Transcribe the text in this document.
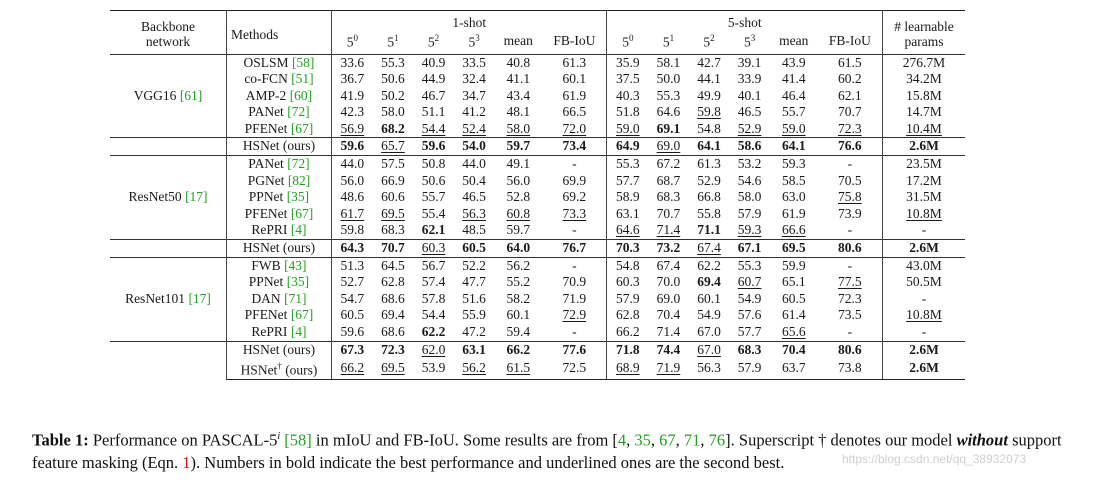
Backbone
network	Methods	1-shot						5-shot						# learnable
params
		$5^0$	$5^1$	$5^2$	$5^3$	mean	FB-IoU	$5^0$	$5^1$	$5^2$	$5^3$	mean	FB-IoU	
VGG16 [61]	OSLSM [58]	33.6	55.3	40.9	33.5	40.8	61.3	35.9	58.1	42.7	39.1	43.9	61.5	276.7M
	co-FCN [51]	36.7	50.6	44.9	32.4	41.1	60.1	37.5	50.0	44.1	33.9	41.4	60.2	34.2M
	AMP-2 [60]	41.9	50.2	46.7	34.7	43.4	61.9	40.3	55.3	49.9	40.1	46.4	62.1	15.8M
	PANet [72]	42.3	58.0	51.1	41.2	48.1	66.5	51.8	64.6	59.8	46.5	55.7	70.7	14.7M
	PFENet [67]	56.9	68.2	54.4	52.4	58.0	72.0	59.0	69.1	54.8	52.9	59.0	72.3	10.4M
	HSNet (ours)	59.6	65.7	59.6	54.0	59.7	73.4	64.9	69.0	64.1	58.6	64.1	76.6	2.6M
ResNet50 [17]	PANet [72]	44.0	57.5	50.8	44.0	49.1	-	55.3	67.2	61.3	53.2	59.3	-	23.5M
	PGNet [82]	56.0	66.9	50.6	50.4	56.0	69.9	57.7	68.7	52.9	54.6	58.5	70.5	17.2M
	PPNet [35]	48.6	60.6	55.7	46.5	52.8	69.2	58.9	68.3	66.8	58.0	63.0	75.8	31.5M
	PFENet [67]	61.7	69.5	55.4	56.3	60.8	73.3	63.1	70.7	55.8	57.9	61.9	73.9	10.8M
	RePRI [4]	59.8	68.3	62.1	48.5	59.7	-	64.6	71.4	71.1	59.3	66.6	-	-
	HSNet (ours)	64.3	70.7	60.3	60.5	64.0	76.7	70.3	73.2	67.4	67.1	69.5	80.6	2.6M
ResNet101 [17]	FWB [43]	51.3	64.5	56.7	52.2	56.2	-	54.8	67.4	62.2	55.3	59.9	-	43.0M
	PPNet [35]	52.7	62.8	57.4	47.7	55.2	70.9	60.3	70.0	69.4	60.7	65.1	77.5	50.5M
	DAN [71]	54.7	68.6	57.8	51.6	58.2	71.9	57.9	69.0	60.1	54.9	60.5	72.3	-
	PFENet [67]	60.5	69.4	54.4	55.9	60.1	72.9	62.8	70.4	54.9	57.6	61.4	73.5	10.8M
	RePRI [4]	59.6	68.6	62.2	47.2	59.4	-	66.2	71.4	67.0	57.7	65.6	-	-
	HSNet (ours)	67.3	72.3	62.0	63.1	66.2	77.6	71.8	74.4	67.0	68.3	70.4	80.6	2.6M
	HSNet† (ours)	66.2	69.5	53.9	56.2	61.5	72.5	68.9	71.9	56.3	57.9	63.7	73.8	2.6M
Table 1: Performance on PASCAL-5$^i$ [58] in mIoU and FB-IoU. Some results are from [4, 35, 67, 71, 76]. Superscript † denotes our model without support feature masking (Eqn. 1). Numbers in bold indicate the best performance and underlined ones are the second best.	https://blog.csdn.net/qq_38932073
